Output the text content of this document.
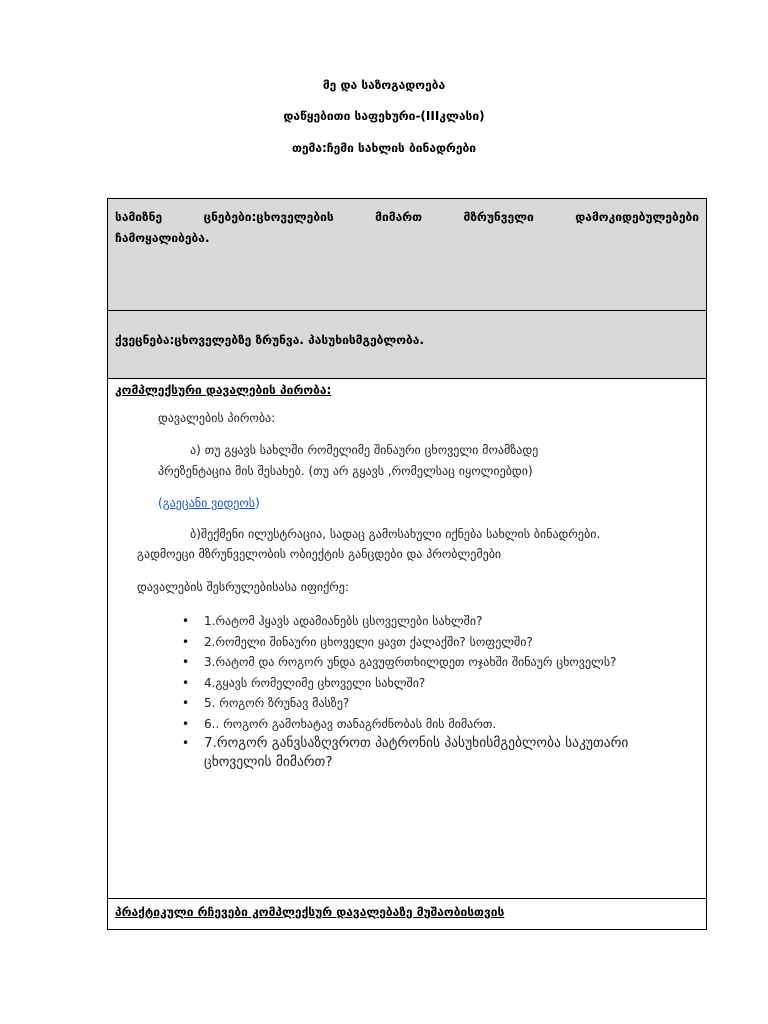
მე და საზოგადოება
დაწყებითი საფეხური-(IIIკლასი)
თემა:ჩემი სახლის ბინადრები
სამიზნე ცნებები:ცხოველების მიმართ მზრუნველი დამოკიდებულებები
ჩამოყალიბება.
ქვეცნება:ცხოველებზე ზრუნვა. პასუხისმგებლობა.
კომპლექსური დავალების პირობა:
დავალების პირობა:
ა) თუ გყავს სახლში რომელიმე შინაური ცხოველი მოამზადე
პრეზენტაცია მის შესახებ. (თუ არ გყავს ,რომელსაც იყოლიებდი)
(გაეცანი ვიდეოს)
ბ)შექმენი ილუსტრაცია, სადაც გამოსახული იქნება სახლის ბინადრები.
გადმოეცი მზრუნველობის ობიექტის განცდები და პრობლემები
დავალების შესრულებისასა იფიქრე:
• 1.რატომ ჰყავს ადამიანებს ცსოველები სახლში?
• 2.რომელი შინაური ცხოველი ყავთ ქალაქში? სოფელში?
• 3.რატომ და როგორ უნდა გავუფრთხილდეთ ოჯახში შინაურ ცხოველს?
• 4.გყავს რომელიმე ცხოველი სახლში?
• 5. როგორ ზრუნავ მასზე?
• 6.. როგორ გამოხატავ თანაგრძნობას მის მიმართ.
• 7.როგორ განვსაზღვროთ პატრონის პასუხისმგებლობა საკუთარი
ცხოველის მიმართ?
პრაქტიკული რჩევები კომპლექსურ დავალებაზე მუშაობისთვის
